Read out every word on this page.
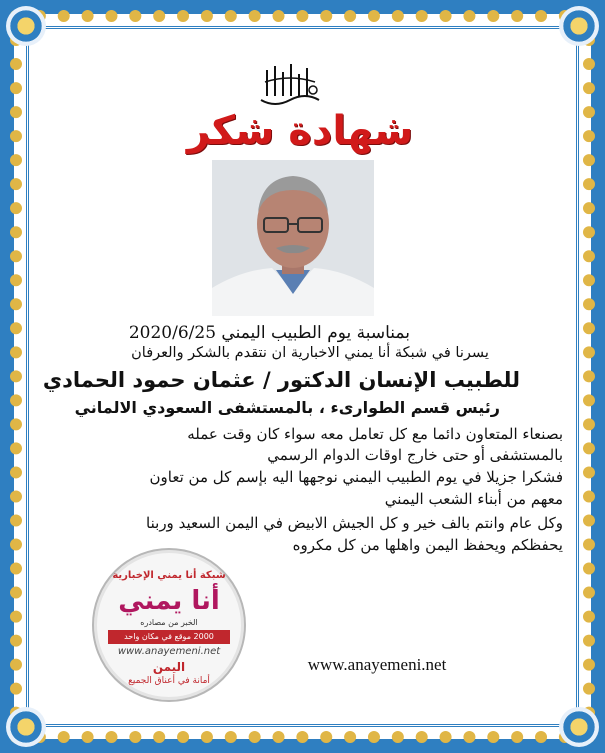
شهادة شكر
بمناسبة يوم الطبيب اليمني 2020/6/25
يسرنا في شبكة أنا يمني الاخبارية ان نتقدم بالشكر والعرفان
للطبيب الإنسان الدكتور / عثمان حمود الحمادي
رئيس قسم الطوارىء ، بالمستشفى السعودي الالماني
بصنعاء المتعاون دائما مع كل تعامل معه سواء كان وقت عمله
بالمستشفى أو حتى خارج اوقات الدوام الرسمي
فشكرا جزيلا في يوم الطبيب اليمني نوجهها اليه بإسم كل من تعاون
معهم من أبناء الشعب اليمني
وكل عام وانتم بالف خير و كل الجيش الابيض في اليمن السعيد وربنا
يحفظكم ويحفظ اليمن واهلها من كل مكروه
شبكة أنا يمني الإخبارية
أنا يمني
الخبر من مصادره
2000 موقع في مكان واحد
www.anayemeni.net
اليمن
أمانة في أعناق الجميع
www.anayemeni.net
